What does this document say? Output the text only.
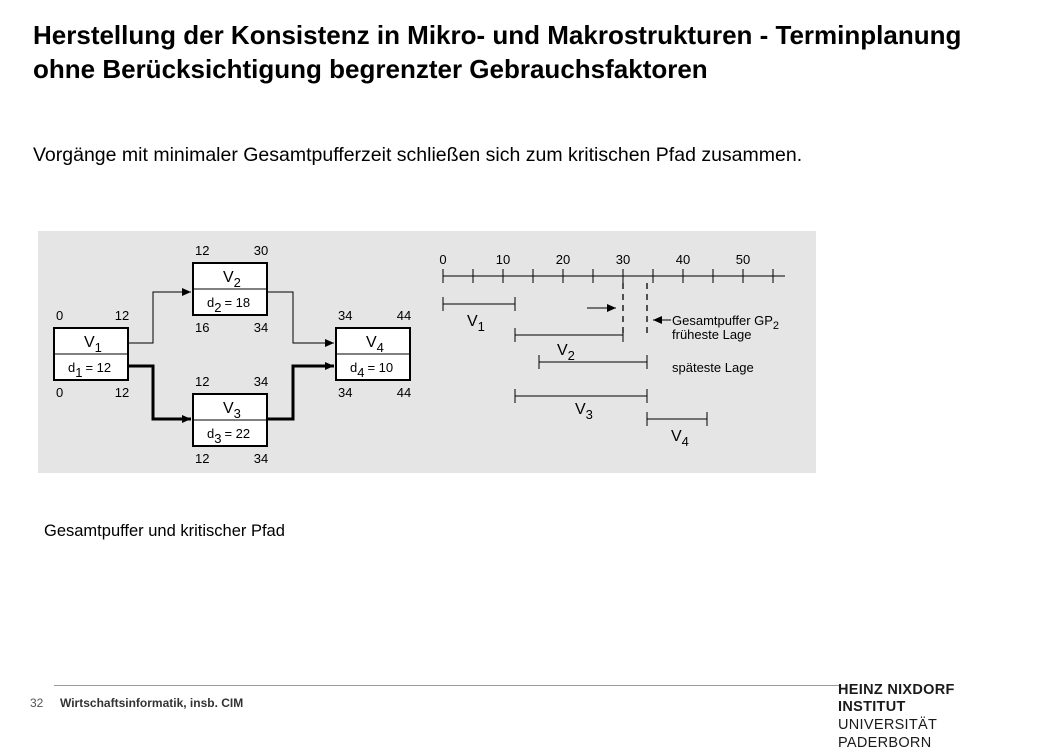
Herstellung der Konsistenz in Mikro- und Makrostrukturen - Terminplanung ohne Berücksichtigung begrenzter Gebrauchsfaktoren
Vorgänge mit minimaler Gesamtpufferzeit schließen sich zum kritischen Pfad zusammen.
$V_1$
d1 = 12
0	12
0	12
$V_2$
d2 = 18
12	30
16	34
$V_3$
d3 = 22
12	34
12	34
$V_4$
d4 = 10
34	44
34	44
0	10	20	30	40	50
$V_1$
$V_2$
$V_3$
$V_4$
Gesamtpuffer $GP_2$
früheste Lage
späteste Lage
Gesamtpuffer und kritischer Pfad
32 Wirtschaftsinformatik, insb. CIM
HEINZ NIXDORF INSTITUT
UNIVERSITÄT PADERBORN
